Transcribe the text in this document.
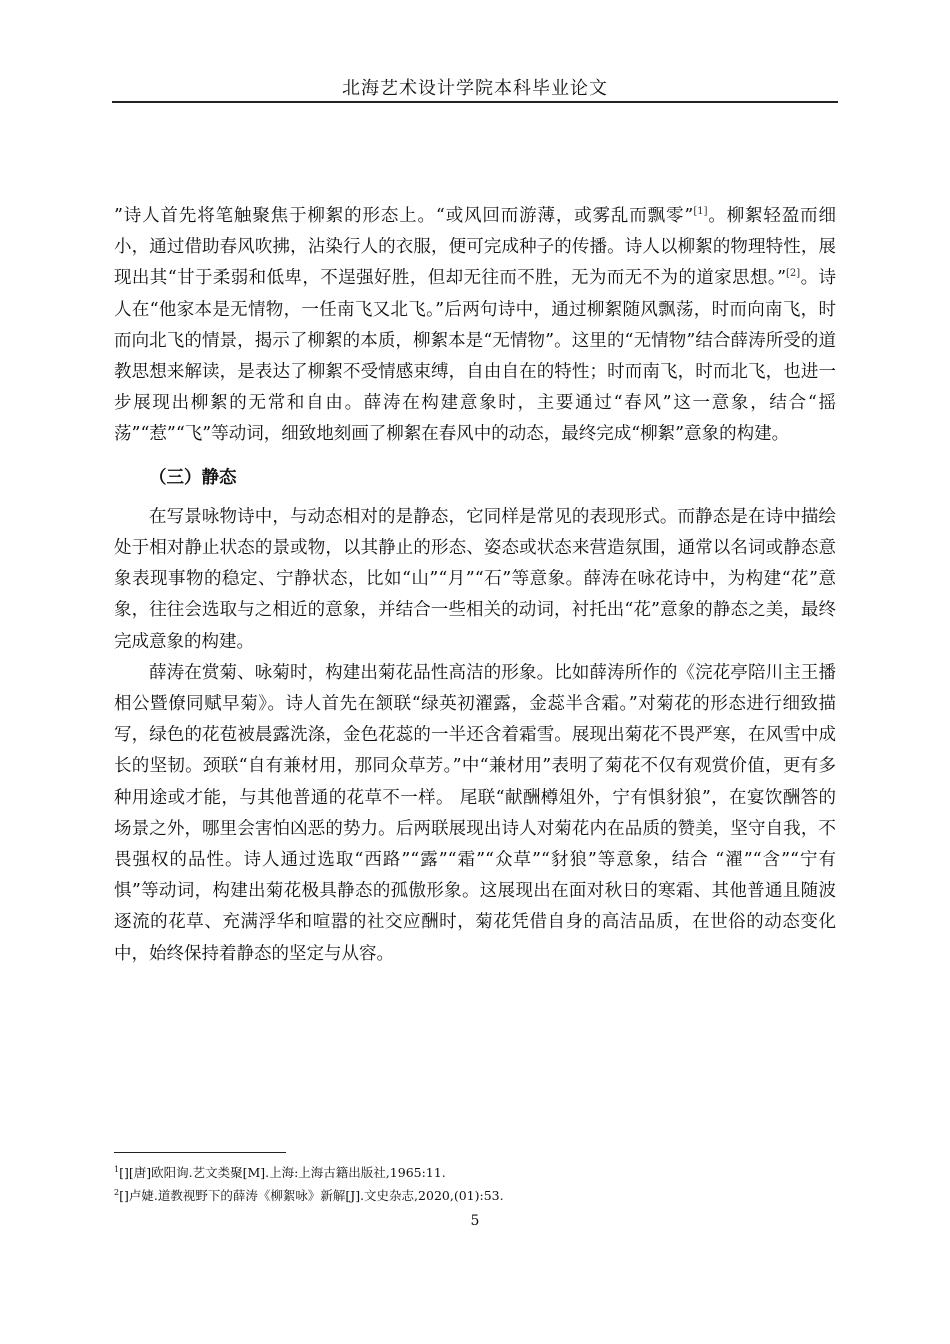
北海艺术设计学院本科毕业论文

”诗人首先将笔触聚焦于柳絮的形态上。“或风回而游薄，或雾乱而飘零”[1]。柳絮轻盈而细小，通过借助春风吹拂，沾染行人的衣服，便可完成种子的传播。诗人以柳絮的物理特性，展现出其“甘于柔弱和低卑，不逞强好胜，但却无往而不胜，无为而无不为的道家思想。”[2]。诗人在“他家本是无情物，一任南飞又北飞。”后两句诗中，通过柳絮随风飘荡，时而向南飞，时而向北飞的情景，揭示了柳絮的本质，柳絮本是“无情物”。这里的“无情物”结合薛涛所受的道教思想来解读，是表达了柳絮不受情感束缚，自由自在的特性；时而南飞，时而北飞，也进一步展现出柳絮的无常和自由。薛涛在构建意象时，主要通过“春风”这一意象，结合“摇荡”“惹”“飞”等动词，细致地刻画了柳絮在春风中的动态，最终完成“柳絮”意象的构建。

（三）静态

在写景咏物诗中，与动态相对的是静态，它同样是常见的表现形式。而静态是在诗中描绘处于相对静止状态的景或物，以其静止的形态、姿态或状态来营造氛围，通常以名词或静态意象表现事物的稳定、宁静状态，比如“山”“月”“石”等意象。薛涛在咏花诗中，为构建“花”意象，往往会选取与之相近的意象，并结合一些相关的动词，衬托出“花”意象的静态之美，最终完成意象的构建。

薛涛在赏菊、咏菊时，构建出菊花品性高洁的形象。比如薛涛所作的《浣花亭陪川主王播相公暨僚同赋早菊》。诗人首先在颔联“绿英初濯露，金蕊半含霜。”对菊花的形态进行细致描写，绿色的花苞被晨露洗涤，金色花蕊的一半还含着霜雪。展现出菊花不畏严寒，在风雪中成长的坚韧。颈联“自有兼材用，那同众草芳。”中“兼材用”表明了菊花不仅有观赏价值，更有多种用途或才能，与其他普通的花草不一样。 尾联“献酬樽俎外，宁有惧豺狼”，在宴饮酬答的场景之外，哪里会害怕凶恶的势力。后两联展现出诗人对菊花内在品质的赞美，坚守自我，不畏强权的品性。诗人通过选取“西路”“露”“霜”“众草”“豺狼”等意象，结合 “濯”“含”“宁有惧”等动词，构建出菊花极具静态的孤傲形象。这展现出在面对秋日的寒霜、其他普通且随波逐流的花草、充满浮华和喧嚣的社交应酬时，菊花凭借自身的高洁品质，在世俗的动态变化中，始终保持着静态的坚定与从容。

$^1$[][唐]欧阳询.艺文类聚[M].上海:上海古籍出版社,1965:11.

$^2$[]卢婕.道教视野下的薛涛《柳絮咏》新解[J].文史杂志,2020,(01):53.

5
